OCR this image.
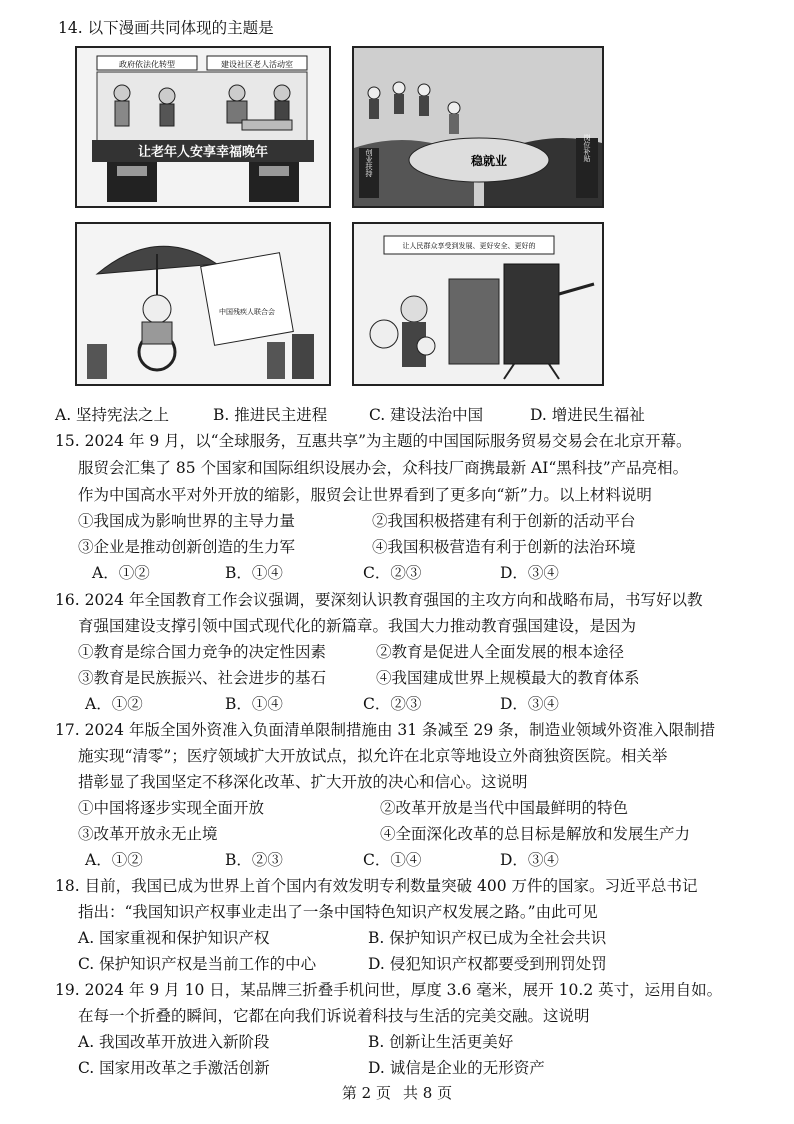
14. 以下漫画共同体现的主题是
政府依法化转型	建设社区老人活动室
让老年人安享幸福晚年
稳就业
创业扶持
岗位补贴
中国残疾人联合会
让人民群众享受到发展、更好安全、更好的
A. 坚持宪法之上	B. 推进民主进程	C. 建设法治中国	D. 增进民生福祉
15. 2024 年 9 月，以“全球服务，互惠共享”为主题的中国国际服务贸易交易会在北京开幕。
服贸会汇集了 85 个国家和国际组织设展办会，众科技厂商携最新 AI“黑科技”产品亮相。
作为中国高水平对外开放的缩影，服贸会让世界看到了更多向“新”力。以上材料说明
①我国成为影响世界的主导力量	②我国积极搭建有利于创新的活动平台
③企业是推动创新创造的生力军	④我国积极营造有利于创新的法治环境
A．①②	B．①④	C．②③	D．③④
16. 2024 年全国教育工作会议强调，要深刻认识教育强国的主攻方向和战略布局，书写好以教
育强国建设支撑引领中国式现代化的新篇章。我国大力推动教育强国建设，是因为
①教育是综合国力竞争的决定性因素	②教育是促进人全面发展的根本途径
③教育是民族振兴、社会进步的基石	④我国建成世界上规模最大的教育体系
A．①②	B．①④	C．②③	D．③④
17. 2024 年版全国外资准入负面清单限制措施由 31 条减至 29 条，制造业领域外资准入限制措
施实现“清零”；医疗领域扩大开放试点，拟允许在北京等地设立外商独资医院。相关举
措彰显了我国坚定不移深化改革、扩大开放的决心和信心。这说明
①中国将逐步实现全面开放	②改革开放是当代中国最鲜明的特色
③改革开放永无止境	④全面深化改革的总目标是解放和发展生产力
A．①②	B．②③	C．①④	D．③④
18. 目前，我国已成为世界上首个国内有效发明专利数量突破 400 万件的国家。习近平总书记
指出：“我国知识产权事业走出了一条中国特色知识产权发展之路。”由此可见
A. 国家重视和保护知识产权	B. 保护知识产权已成为全社会共识
C. 保护知识产权是当前工作的中心	D. 侵犯知识产权都要受到刑罚处罚
19. 2024 年 9 月 10 日，某品牌三折叠手机问世，厚度 3.6 毫米，展开 10.2 英寸，运用自如。
在每一个折叠的瞬间，它都在向我们诉说着科技与生活的完美交融。这说明
A. 我国改革开放进入新阶段	B. 创新让生活更美好
C. 国家用改革之手激活创新	D. 诚信是企业的无形资产
第 2 页 共 8 页
